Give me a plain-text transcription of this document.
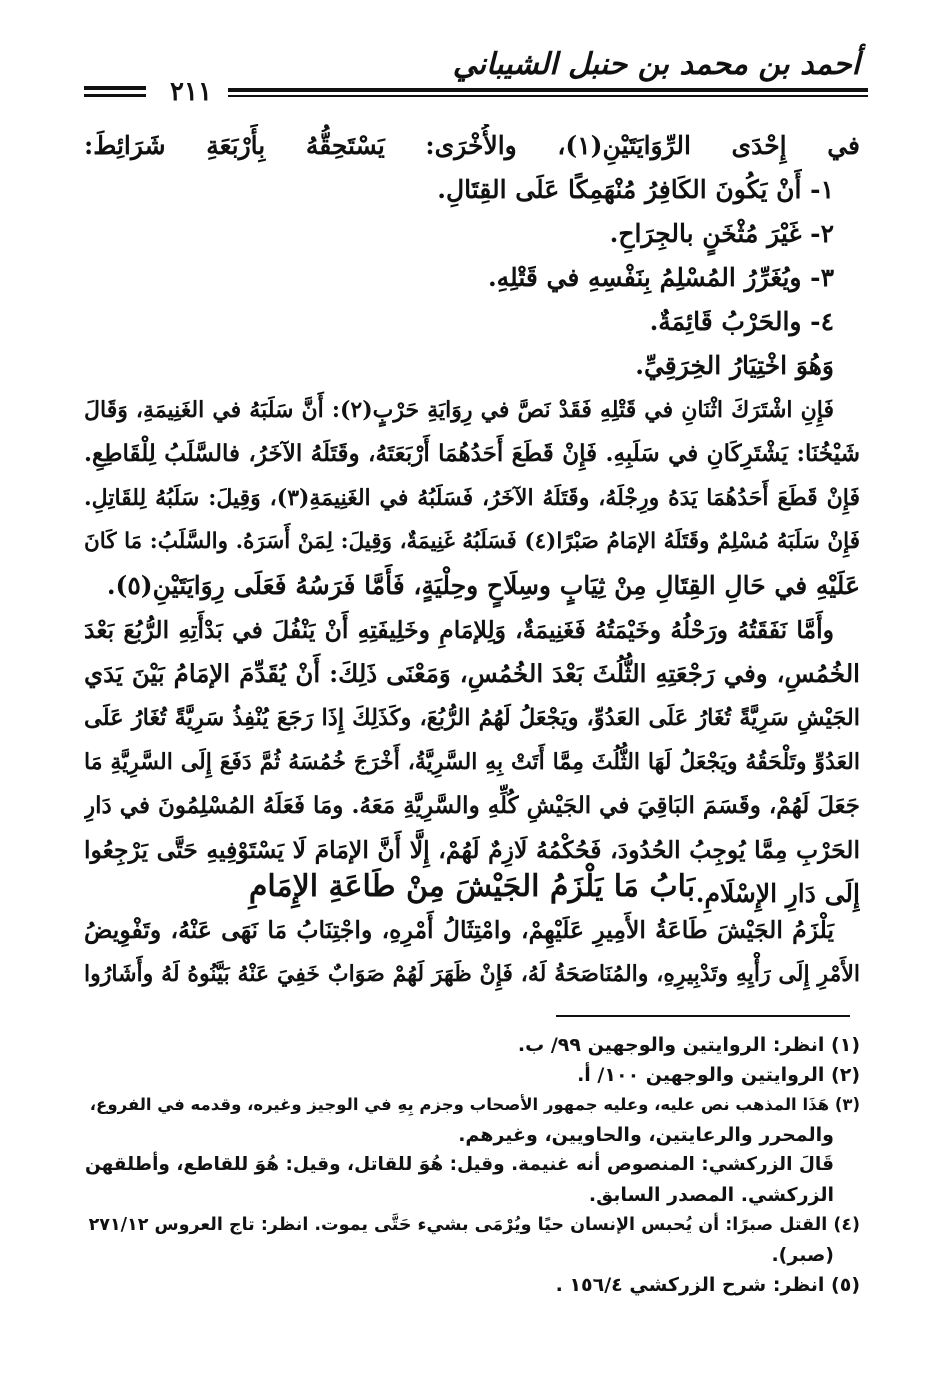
أحمد بن محمد بن حنبل الشيباني
٢١١
في إِحْدَى الرِّوَايَتَيْنِ(١)، والأُخْرَى: يَسْتَحِقُّهُ بِأَرْبَعَةِ شَرَائِطَ:
١- أَنْ يَكُونَ الكَافِرُ مُنْهَمِكًا عَلَى القِتَالِ.
٢- غَيْرَ مُثْخَنٍ بالجِرَاحِ.
٣- ويُغَرِّرُ المُسْلِمُ بِنَفْسِهِ في قَتْلِهِ.
٤- والحَرْبُ قَائِمَةٌ.
وَهُوَ اخْتِيَارُ الخِرَقِيِّ.
فَإِنِ اشْتَرَكَ اثْنَانِ في قَتْلِهِ فَقَدْ نَصَّ في رِوَايَةِ حَرْبٍ(٢): أَنَّ سَلَبَهُ في الغَنِيمَةِ، وَقَالَ
شَيْخُنَا: يَشْتَرِكَانِ في سَلَبِهِ. فَإِنْ قَطَعَ أَحَدُهُمَا أَرْبَعَتَهُ، وقَتَلَهُ الآخَرُ، فالسَّلَبُ لِلْقَاطِعِ.
فَإِنْ قَطَعَ أَحَدُهُمَا يَدَهُ ورِجْلَهُ، وقَتَلَهُ الآخَرُ، فَسَلَبُهُ في الغَنِيمَةِ(٣)، وَقِيلَ: سَلَبُهُ لِلقَاتِلِ.
فَإِنْ سَلَبَهُ مُسْلِمٌ وقَتَلَهُ الإمَامُ صَبْرًا(٤) فَسَلَبُهُ غَنِيمَةٌ، وَقِيلَ: لِمَنْ أَسَرَهُ. والسَّلَبُ: مَا كَانَ
عَلَيْهِ في حَالِ القِتَالِ مِنْ ثِيَابٍ وسِلَاحٍ وحِلْيَةٍ، فَأَمَّا فَرَسُهُ فَعَلَى رِوَايَتَيْنِ(٥).
وأَمَّا نَفَقَتُهُ ورَحْلُهُ وخَيْمَتُهُ فَغَنِيمَةٌ، وَلِلإمَامِ وخَلِيفَتِهِ أَنْ يَنْفُلَ في بَدْأَتِهِ الرُّبُعَ بَعْدَ
الخُمُسِ، وفي رَجْعَتِهِ الثُّلُثَ بَعْدَ الخُمُسِ، وَمَعْنَى ذَلِكَ: أَنْ يُقَدِّمَ الإمَامُ بَيْنَ يَدَي
الجَيْشِ سَرِيَّةً تُغَارُ عَلَى العَدُوِّ، ويَجْعَلُ لَهُمُ الرُّبُعَ، وكَذَلِكَ إِذَا رَجَعَ يُنْفِذُ سَرِيَّةً تُغَارُ عَلَى
العَدُوِّ وتَلْحَقُهُ ويَجْعَلُ لَهَا الثُّلُثَ مِمَّا أَتَتْ بِهِ السَّرِيَّةُ، أَخْرَجَ خُمُسَهُ ثُمَّ دَفَعَ إِلَى السَّرِيَّةِ مَا
جَعَلَ لَهُمْ، وقَسَمَ البَاقِيَ في الجَيْشِ كُلِّهِ والسَّرِيَّةِ مَعَهُ. ومَا فَعَلَهُ المُسْلِمُونَ في دَارِ
الحَرْبِ مِمَّا يُوجِبُ الحُدُودَ، فَحُكْمُهُ لَازِمٌ لَهُمْ، إِلَّا أَنَّ الإمَامَ لَا يَسْتَوْفِيهِ حَتَّى يَرْجِعُوا
إِلَى دَارِ الإِسْلَامِ.
بَابُ مَا يَلْزَمُ الجَيْشَ مِنْ طَاعَةِ الإِمَامِ
يَلْزَمُ الجَيْشَ طَاعَةُ الأَمِيرِ عَلَيْهِمْ، وامْتِثَالُ أَمْرِهِ، واجْتِنَابُ مَا نَهَى عَنْهُ، وتَفْوِيضُ
الأَمْرِ إِلَى رَأْيِهِ وتَدْبِيرِهِ، والمُنَاصَحَةُ لَهُ، فَإِنْ ظَهَرَ لَهُمْ صَوَابٌ خَفِيَ عَنْهُ بَيَّنُوهُ لَهُ وأَشَارُوا
(١) انظر: الروايتين والوجهين ٩٩/ ب.
(٢) الروايتين والوجهين ١٠٠/ أ.
(٣) هَذَا المذهب نص عليه، وعليه جمهور الأصحاب وجزم بِهِ في الوجيز وغيره، وقدمه في الفروع،
والمحرر والرعايتين، والحاويين، وغيرهم.
قَالَ الزركشي: المنصوص أنه غنيمة. وقيل: هُوَ للقاتل، وقيل: هُوَ للقاطع، وأطلقهن
الزركشي. المصدر السابق.
(٤) القتل صبرًا: أن يُحبس الإنسان حيًا ويُرْمَى بشيء حَتَّى يموت. انظر: تاج العروس ٢٧١/١٢
(صبر).
(٥) انظر: شرح الزركشي ١٥٦/٤ .
